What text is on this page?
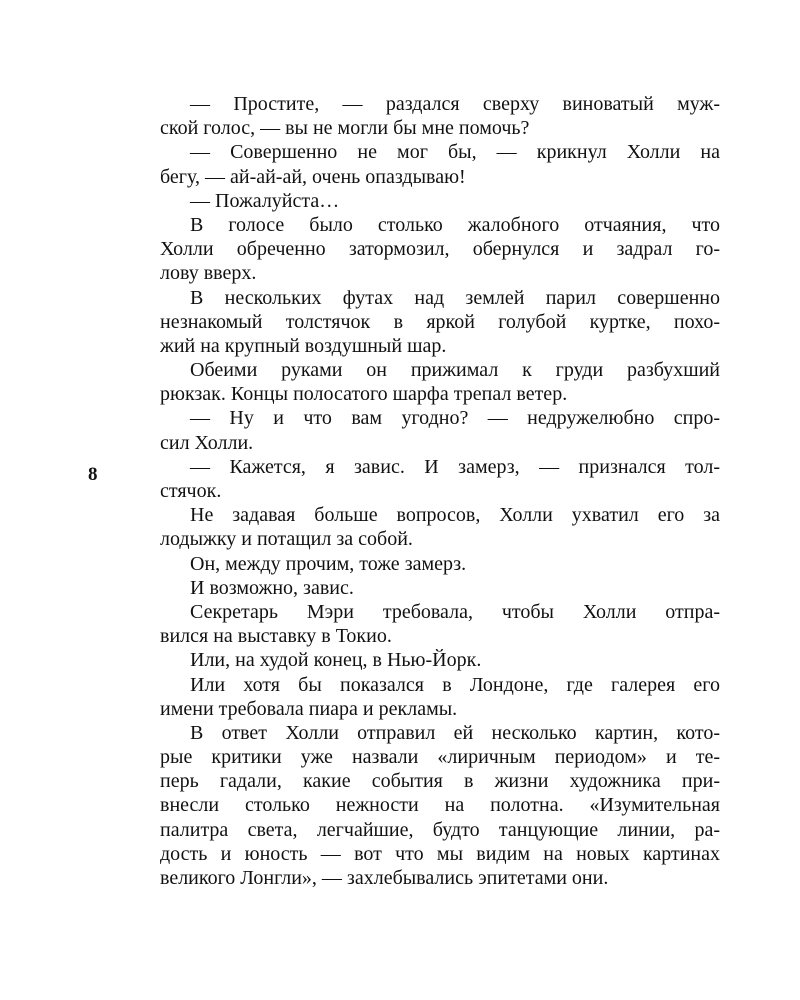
8
— Простите, — раздался сверху виноватый муж-
ской голос, — вы не могли бы мне помочь?
— Совершенно не мог бы, — крикнул Холли на
бегу, — ай-ай-ай, очень опаздываю!
— Пожалуйста…
В голосе было столько жалобного отчаяния, что
Холли обреченно затормозил, обернулся и задрал го-
лову вверх.
В нескольких футах над землей парил совершенно
незнакомый толстячок в яркой голубой куртке, похо-
жий на крупный воздушный шар.
Обеими руками он прижимал к груди разбухший
рюкзак. Концы полосатого шарфа трепал ветер.
— Ну и что вам угодно? — недружелюбно спро-
сил Холли.
— Кажется, я завис. И замерз, — признался тол-
стячок.
Не задавая больше вопросов, Холли ухватил его за
лодыжку и потащил за собой.
Он, между прочим, тоже замерз.
И возможно, завис.
Секретарь Мэри требовала, чтобы Холли отпра-
вился на выставку в Токио.
Или, на худой конец, в Нью-Йорк.
Или хотя бы показался в Лондоне, где галерея его
имени требовала пиара и рекламы.
В ответ Холли отправил ей несколько картин, кото-
рые критики уже назвали «лиричным периодом» и те-
перь гадали, какие события в жизни художника при-
внесли столько нежности на полотна. «Изумительная
палитра света, легчайшие, будто танцующие линии, ра-
дость и юность — вот что мы видим на новых картинах
великого Лонгли», — захлебывались эпитетами они.
